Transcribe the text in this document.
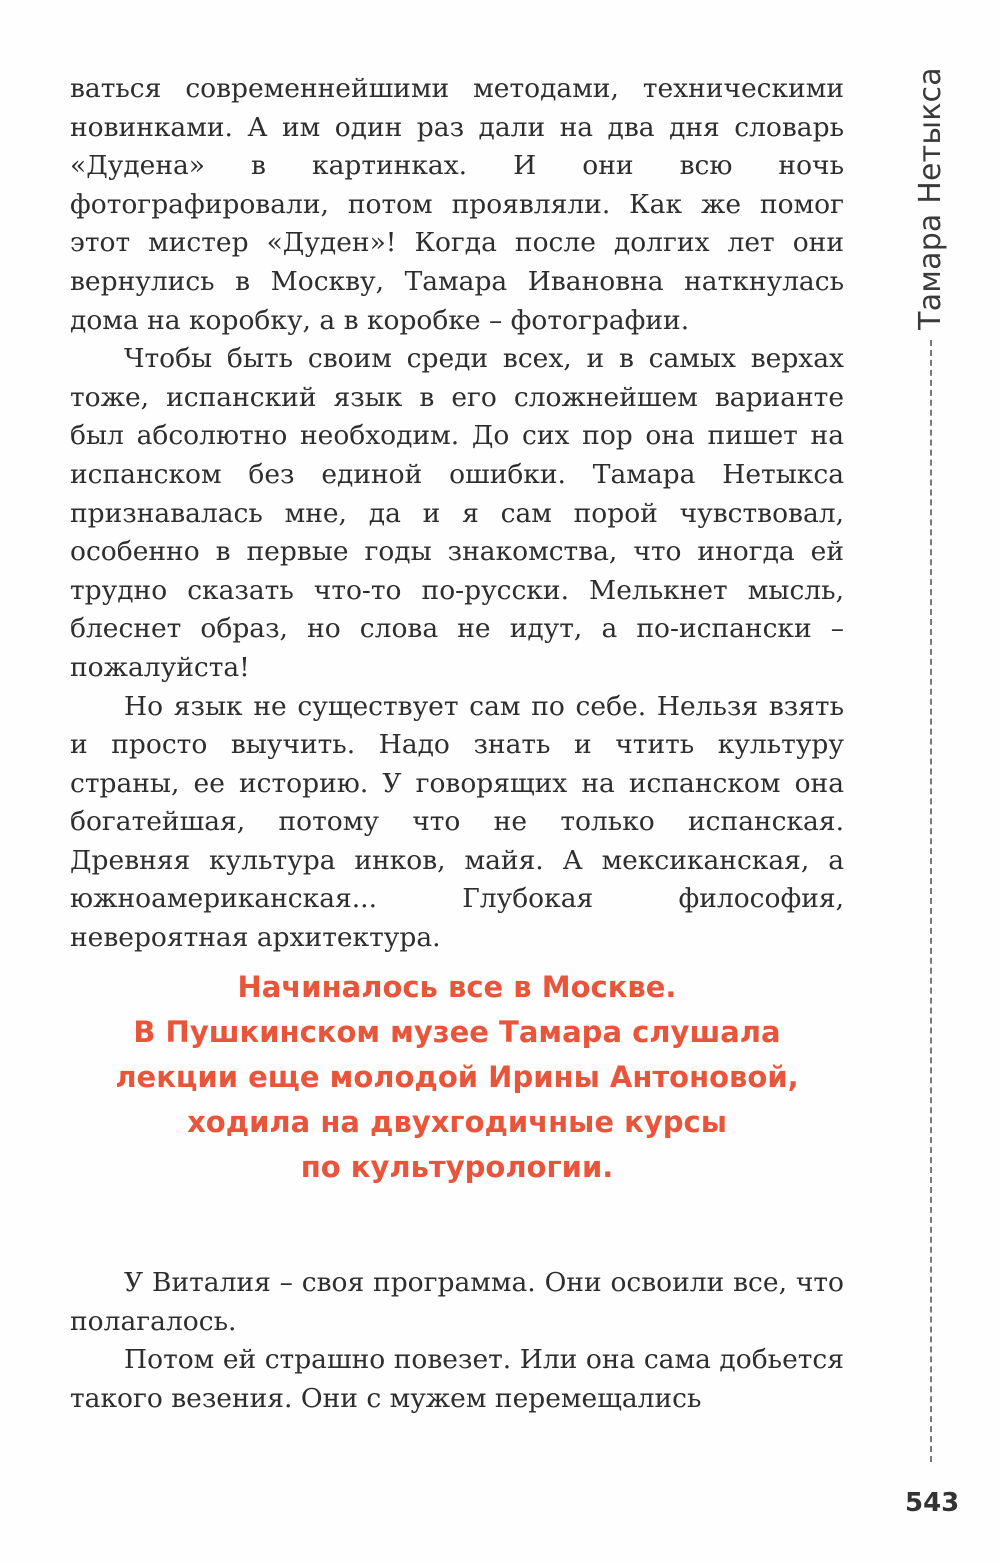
Тамара Нетыкса

ваться современнейшими методами, техническими новинками. А им один раз дали на два дня словарь «Дудена» в картинках. И они всю ночь фотографировали, потом проявляли. Как же помог этот мистер «Дуден»! Когда после долгих лет они вернулись в Москву, Тамара Ивановна наткнулась дома на коробку, а в коробке – фотографии.

Чтобы быть своим среди всех, и в самых верхах тоже, испанский язык в его сложнейшем варианте был абсолютно необходим. До сих пор она пишет на испанском без единой ошибки. Тамара Нетыкса признавалась мне, да и я сам порой чувствовал, особенно в первые годы знакомства, что иногда ей трудно сказать что-то по-русски. Мелькнет мысль, блеснет образ, но слова не идут, а по-испански – пожалуйста!

Но язык не существует сам по себе. Нельзя взять и просто выучить. Надо знать и чтить культуру страны, ее историю. У говорящих на испанском она богатейшая, потому что не только испанская. Древняя культура инков, майя. А мексиканская, а южноамериканская... Глубокая философия, невероятная архитектура.

Начиналось все в Москве.
В Пушкинском музее Тамара слушала
лекции еще молодой Ирины Антоновой,
ходила на двухгодичные курсы
по культурологии.

У Виталия – своя программа. Они освоили все, что полагалось.

Потом ей страшно повезет. Или она сама добьется такого везения. Они с мужем перемещались

543
